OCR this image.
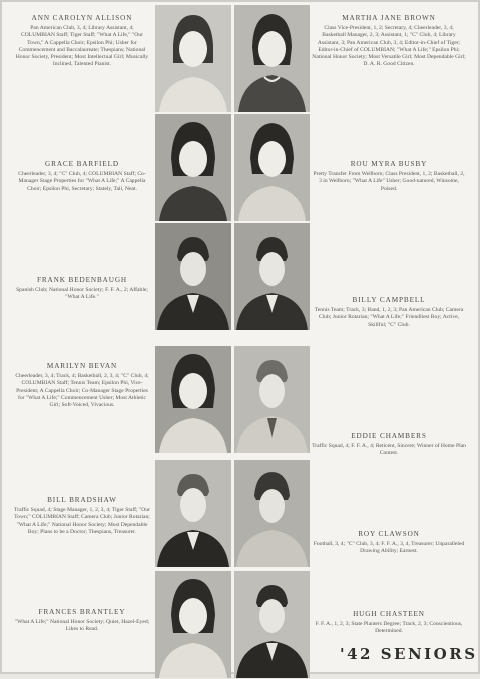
ANN CAROLYN ALLISON
Pan American Club, 3, 4; Library Assistant, 4; COLUMBIAN Staff; Tiger Staff; "What A Life," "Our Town," A Cappella Choir; Epsilon Phi; Usher for Commencement and Baccalaureate; Thespians; National Honor Society, President; Most Intellectual Girl; Musically Inclined, Talented Pianist.
GRACE BARFIELD
Cheerleader, 3, 4; "C" Club, 4; COLUMBIAN Staff; Co-Manager Stage Properties for "What A Life;" A Cappella Choir; Epsilon Phi, Secretary; Stately, Tall, Neat.
FRANK BEDENBAUGH
Spanish Club; National Honor Society; F. F. A., 2; Affable; "What A Life."
MARILYN BEVAN
Cheerleader, 3, 4; Track, 4; Basketball, 2, 3, 4; "C" Club, 4; COLUMBIAN Staff; Tennis Team; Epsilon Phi, Vice-President; A Cappella Choir; Co-Manager Stage Properties for "What A Life;" Commencement Usher; Most Athletic Girl; Soft-Voiced, Vivacious.
BILL BRADSHAW
Traffic Squad, 4; Stage Manager, 1, 2, 3, 4; Tiger Staff; "Our Town;" COLUMBIAN Staff; Camera Club; Junior Rotarian; "What A Life;" National Honor Society; Most Dependable Boy; Plans to be a Doctor; Thespians, Treasurer.
FRANCES BRANTLEY
"What A Life;" National Honor Society; Quiet, Hazel-Eyed; Likes to Read.
MARTHA JANE BROWN
Class Vice-President, 1, 2; Secretary, 4; Cheerleader, 3, 4; Basketball Manager, 2, 3; Assistant, 1; "C" Club, 4; Library Assistant, 3; Pan American Club, 3, 4; Editor-in-Chief of Tiger; Editor-in-Chief of COLUMBIAN; "What A Life;" Epsilon Phi; National Honor Society; Most Versatile Girl; Most Dependable Girl; D. A. R. Good Citizen.
ROU MYRA BUSBY
Pretty Transfer From Wellborn; Class President, 1, 2; Basketball, 2, 3 in Wellborn; "What A Life" Usher; Good-natured, Winsome, Poised.
BILLY CAMPBELL
Tennis Team; Track, 3; Band, 1, 2, 3; Pan American Club; Camera Club; Junior Rotarian; "What A Life;" Friendliest Boy; Active, Skillful; "C" Club.
EDDIE CHAMBERS
Traffic Squad, 4; F. F. A., 4; Reticent, Sincere; Winner of Home Plan Contest.
ROY CLAWSON
Football, 3, 4; "C" Club, 3, 4; F. F. A., 3, 4, Treasurer; Unparalleled Drawing Ability; Earnest.
HUGH CHASTEEN
F. F. A., 1, 2, 3; State Planters Degree; Track, 2, 3; Conscientious, Determined.
'42 SENIORS
